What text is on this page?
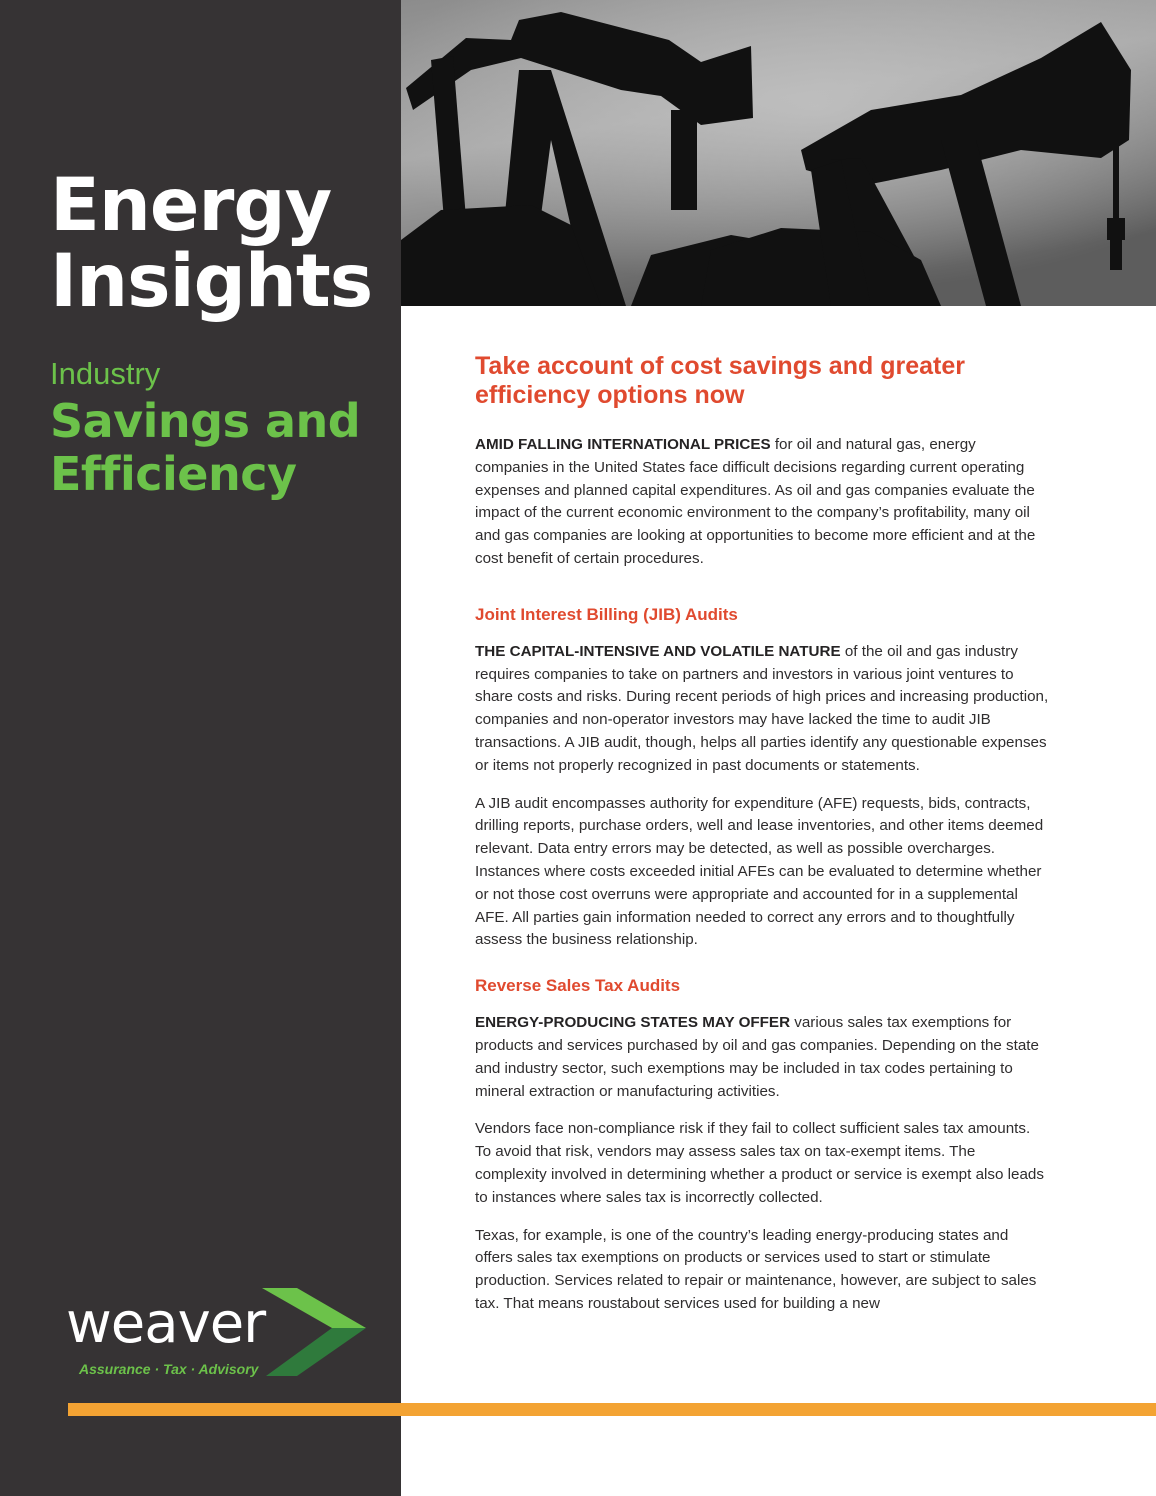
Energy
Insights
Industry
Savings and
Efficiency
weaver
Assurance · Tax · Advisory
Take account of cost savings and greater efficiency options now

AMID FALLING INTERNATIONAL PRICES for oil and natural gas, energy companies in the United States face difficult decisions regarding current operating expenses and planned capital expenditures. As oil and gas companies evaluate the impact of the current economic environment to the company’s profitability, many oil and gas companies are looking at opportunities to become more efficient and at the cost benefit of certain procedures.

Joint Interest Billing (JIB) Audits

THE CAPITAL-INTENSIVE AND VOLATILE NATURE of the oil and gas industry requires companies to take on partners and investors in various joint ventures to share costs and risks. During recent periods of high prices and increasing production, companies and non-operator investors may have lacked the time to audit JIB transactions. A JIB audit, though, helps all parties identify any questionable expenses or items not properly recognized in past documents or statements.

A JIB audit encompasses authority for expenditure (AFE) requests, bids, contracts, drilling reports, purchase orders, well and lease inventories, and other items deemed relevant. Data entry errors may be detected, as well as possible overcharges. Instances where costs exceeded initial AFEs can be evaluated to determine whether or not those cost overruns were appropriate and accounted for in a supplemental AFE. All parties gain information needed to correct any errors and to thoughtfully assess the business relationship.

Reverse Sales Tax Audits

ENERGY-PRODUCING STATES MAY OFFER various sales tax exemptions for products and services purchased by oil and gas companies. Depending on the state and industry sector, such exemptions may be included in tax codes pertaining to mineral extraction or manufacturing activities.

Vendors face non-compliance risk if they fail to collect sufficient sales tax amounts. To avoid that risk, vendors may assess sales tax on tax-exempt items. The complexity involved in determining whether a product or service is exempt also leads to instances where sales tax is incorrectly collected.

Texas, for example, is one of the country’s leading energy-producing states and offers sales tax exemptions on products or services used to start or stimulate production. Services related to repair or maintenance, however, are subject to sales tax. That means roustabout services used for building a new
